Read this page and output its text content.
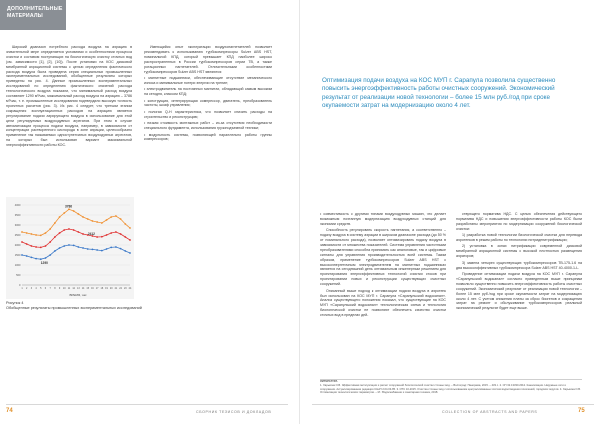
ДОПОЛНИТЕЛЬНЫЕ
МАТЕРИАЛЫ

Широкий диапазон потребного расхода воздуха на аэрацию в значительной мере определяется условиями и особенностями процесса очистки и составом поступающих на биологическую очистку сточных вод (см. зависимости [1], [2], [10]). После установки на КОС дисковой мембранной аэрационной системы с целью определения фактического расхода воздуха была проведена серия специальных промышленных экспериментальных исследований, обобщенные результаты которых приведены на рис. 4. Данные промышленных экспериментальных исследований по определению фактического значений расхода технологического воздуха показали, что минимальный расход воздуха составляет 1290 м³/час, максимальный расход воздуха на аэрацию – 3786 м³/час, т. е. промышленные исследования подтвердили высокую точность проектных расчетов (рис. 3). Из рис. 4 следует, что третьим этапом сокращения эксплуатационных расходов на аэрацию является регулирование подачи аэрирующего воздуха в использование для этой цели регулируемых воздуходувных агрегатов. При этом в случае автоматизации процесса подачи воздуха, например, в зависимости от концентрации растворенного кислорода в зоне аэрации, целесообразно применение так называемых одноступенчатых воздуходувных агрегатов, на которых был использован вариант максимальной энергоэффективности работы КОС.

Имеющийся опыт эксплуатации воздухонагнетателей позволяет рекомендовать к использованию турбокомпрессоры Sulzer ABS HST, номинальной КПД, который превышает КПД наиболее широко распространенных в России турбокомпрессоров серии ТВ, а также ротационных нагнетателей. Отличительными особенностями турбокомпрессоров Sulzer ABS HST являются:

• магнитные подшипники, обеспечивающие отсутствие механического износа и минимальные потери энергии на трение;

• электродвигатель на постоянных магнитах, обладающий самым высоким на сегодня, классом КПД;

• конструкция, интегрирующая компрессор, двигатель, преобразователь частоты, шкаф управления;

• пологая Q-H характеристика, что позволяет снизить расходы на строительство и реконструкцию;

• низкая стоимость монтажных работ – из-за отсутствия необходимости специального фундамента, использования грузоподъемной техники;

• модульность системы, позволяющей параллельно работы группы компрессоров;

0
500
1000
1500
2000
2500
3000
3500
4000
1 2 3 4 5 6 7 8 9 10 11 12 13 14 15 16 17 18 19 20 21 22 23 24
3786
2412
1290
ВРЕМЯ, час
Рисунок 4
Обобщенные результаты промышленных экспериментальных исследований
74	СБОРНИК ТЕЗИСОВ И ДОКЛАДОВ
Оптимизация подачи воздуха на КОС МУП г. Сарапула позволила существенно повысить энергоэффективность работы очистных сооружений. Экономический результат от реализации новой технологии – более 15 млн руб./год при сроке окупаемости затрат на модернизацию около 4 лет.

• совместимость с другими типами воздуходувных машин, что делает возможным поэтапную модернизацию воздуходувных станций для экономии средств.

Способность регулировать скорость нагнетания, а соответственно – подачу воздуха в систему аэрации в широком диапазоне расхода (до 50 % от номинального расхода), позволяет оптимизировать подачу воздуха в зависимости от множества показателей. Система управления частотными преобразователями способна принимать как аналоговые, так и цифровые сигналы для управления производительностью всей системы. Таким образом, применение турбокомпрессоров Sulzer ABS HST с высокоэнергетичным электродвигателем на магнитных подшипниках является на сегодняшний день оптимальным инженерным решением для проектирования энергоэффективных технологий очистки стоков при проектировании новых и реконструкции существующих очистных сооружений.

Описанный выше подход к оптимизации подачи воздуха в аэротенк был использован на КОС МУП г. Сарапула «Сарапульский водоканал». Анализ существующего положения показал, что существующие на КОС МУП «Сарапульский водоканал» технологическая схема и технология биологической очистки не позволяют обеспечить качество очистки сточных вод в пределах дей-

ствующего норматива НДС. С целью обеспечения действующего норматива НДС и повышения энергоэффективности работы КОС были разработаны мероприятия по модернизации сооружений биологической очистки:

1) разработка новой технологии биологической очистки для перевода аэротенков в режим работы по технологии нитриденитрификации;

2) установка в зонах нитрификации современной дисковой мембранной аэрационной системы с высокой плотностью размещения аэраторов;

3) замена четырех существующих турбокомпрессоров ТВ-175-1.6 на два высокоэффективных турбокомпрессора Sulzer ABS HST 40-4000-1-L.

Проведение оптимизации подачи воздуха на КОС МУП г. Сарапула «Сарапульский водоканал» согласно приведенным выше принципам позволило существенно повысить энергоэффективность работы очистных сооружений. Экономический результат от реализации новой технологии – более 15 млн руб./год при сроке окупаемости затрат на модернизацию около 4 лет. С учетом снижения платы за сброс биогенов и сокращения затрат на ремонт и обслуживание турбокомпрессоров реальный экономический результат будет еще выше.

ЛИТЕРАТУРА
1. Харькина О.В. Эффективная эксплуатация и расчет сооружений биологической очистки сточных вод. – Волгоград: Панорама, 2015. – 433 с. 2. СП 32.13330.2012. Канализация. Наружные сети и сооружения. Актуализированная редакция СНиП 2.04.03-85. 3. ИТС 10-2015. Очистка сточных вод с использованием централизованных систем водоотведения поселений, городских округов. 4. Харькина О.В. Оптимизация технологических параметров. – М.: Водоснабжение и санитарная техника, 2018.
COLLECTION OF ABSTRACTS AND PAPERS	75
